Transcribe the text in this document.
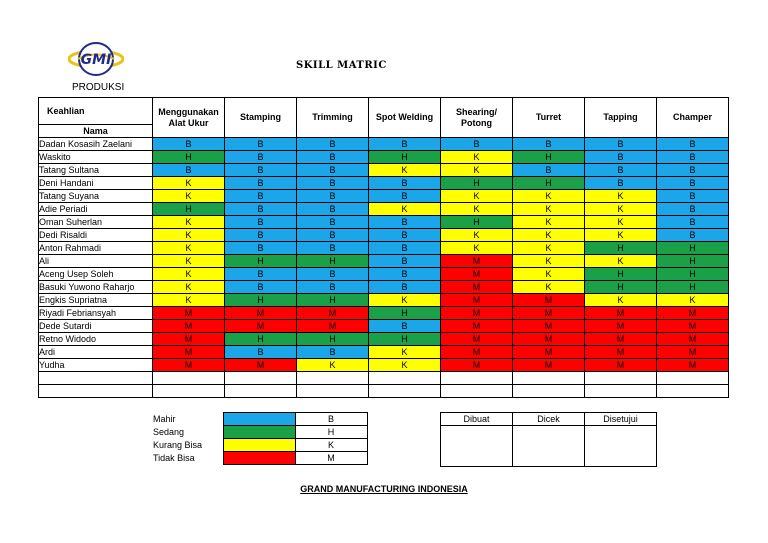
GMI
PRODUKSI
SKILL MATRIC
Keahlian	Menggunakan Alat Ukur	Stamping	Trimming	Spot Welding	Shearing/ Potong	Turret	Tapping	Champer
Nama								
Dadan Kosasih Zaelani	B	B	B	B	B	B	B	B
Waskito	H	B	B	H	K	H	B	B
Tatang Sultana	B	B	B	K	K	B	B	B
Deni Handani	K	B	B	B	H	H	B	B
Tatang Suyana	K	B	B	B	K	K	K	B
Adie Periadi	H	B	B	K	K	K	K	B
Oman Suherlan	K	B	B	B	H	K	K	B
Dedi Risaldi	K	B	B	B	K	K	K	B
Anton Rahmadi	K	B	B	B	K	K	H	H
Ali	K	H	H	B	M	K	K	H
Aceng Usep Soleh	K	B	B	B	M	K	H	H
Basuki Yuwono Raharjo	K	B	B	B	M	K	H	H
Engkis Supriatna	K	H	H	K	M	M	K	K
Riyadi Febriansyah	M	M	M	H	M	M	M	M
Dede Sutardi	M	M	M	B	M	M	M	M
Retno Widodo	M	H	H	H	M	M	M	M
Ardi	M	B	B	K	M	M	M	M
Yudha	M	M	K	K	M	M	M	M

Mahir		B
Sedang		H
Kurang Bisa		K
Tidak Bisa		M
Dibuat	Dicek	Disetujui

GRAND MANUFACTURING INDONESIA
